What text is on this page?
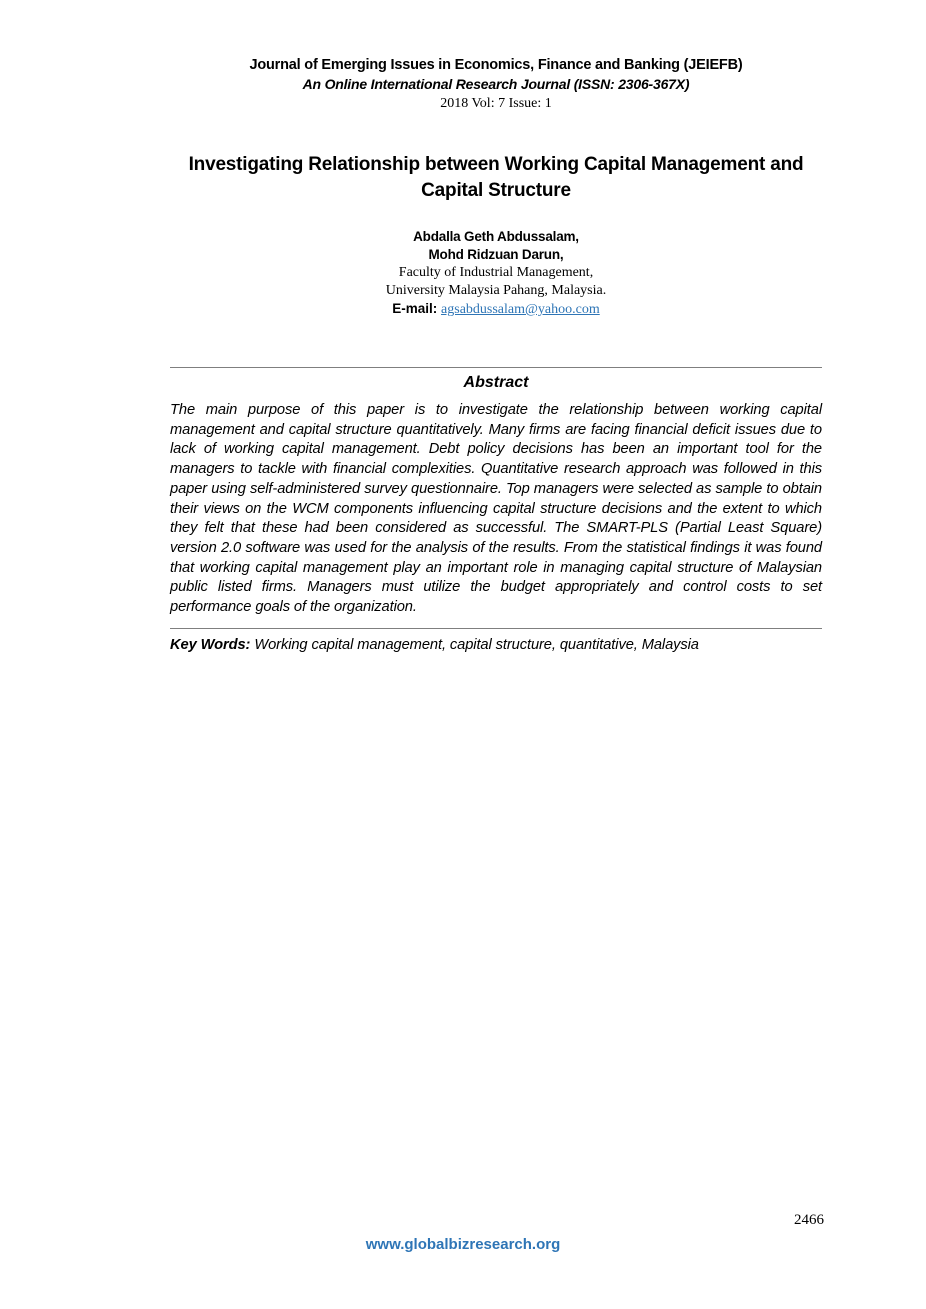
Journal of Emerging Issues in Economics, Finance and Banking (JEIEFB)
An Online International Research Journal (ISSN: 2306-367X)
2018 Vol: 7 Issue: 1
Investigating Relationship between Working Capital Management and Capital Structure
Abdalla Geth Abdussalam,
Mohd Ridzuan Darun,
Faculty of Industrial Management,
University Malaysia Pahang, Malaysia.
E-mail: agsabdussalam@yahoo.com
Abstract
The main purpose of this paper is to investigate the relationship between working capital management and capital structure quantitatively. Many firms are facing financial deficit issues due to lack of working capital management. Debt policy decisions has been an important tool for the managers to tackle with financial complexities. Quantitative research approach was followed in this paper using self-administered survey questionnaire. Top managers were selected as sample to obtain their views on the WCM components influencing capital structure decisions and the extent to which they felt that these had been considered as successful. The SMART-PLS (Partial Least Square) version 2.0 software was used for the analysis of the results. From the statistical findings it was found that working capital management play an important role in managing capital structure of Malaysian public listed firms. Managers must utilize the budget appropriately and control costs to set performance goals of the organization.
Key Words: Working capital management, capital structure, quantitative, Malaysia
2466
www.globalbizresearch.org
